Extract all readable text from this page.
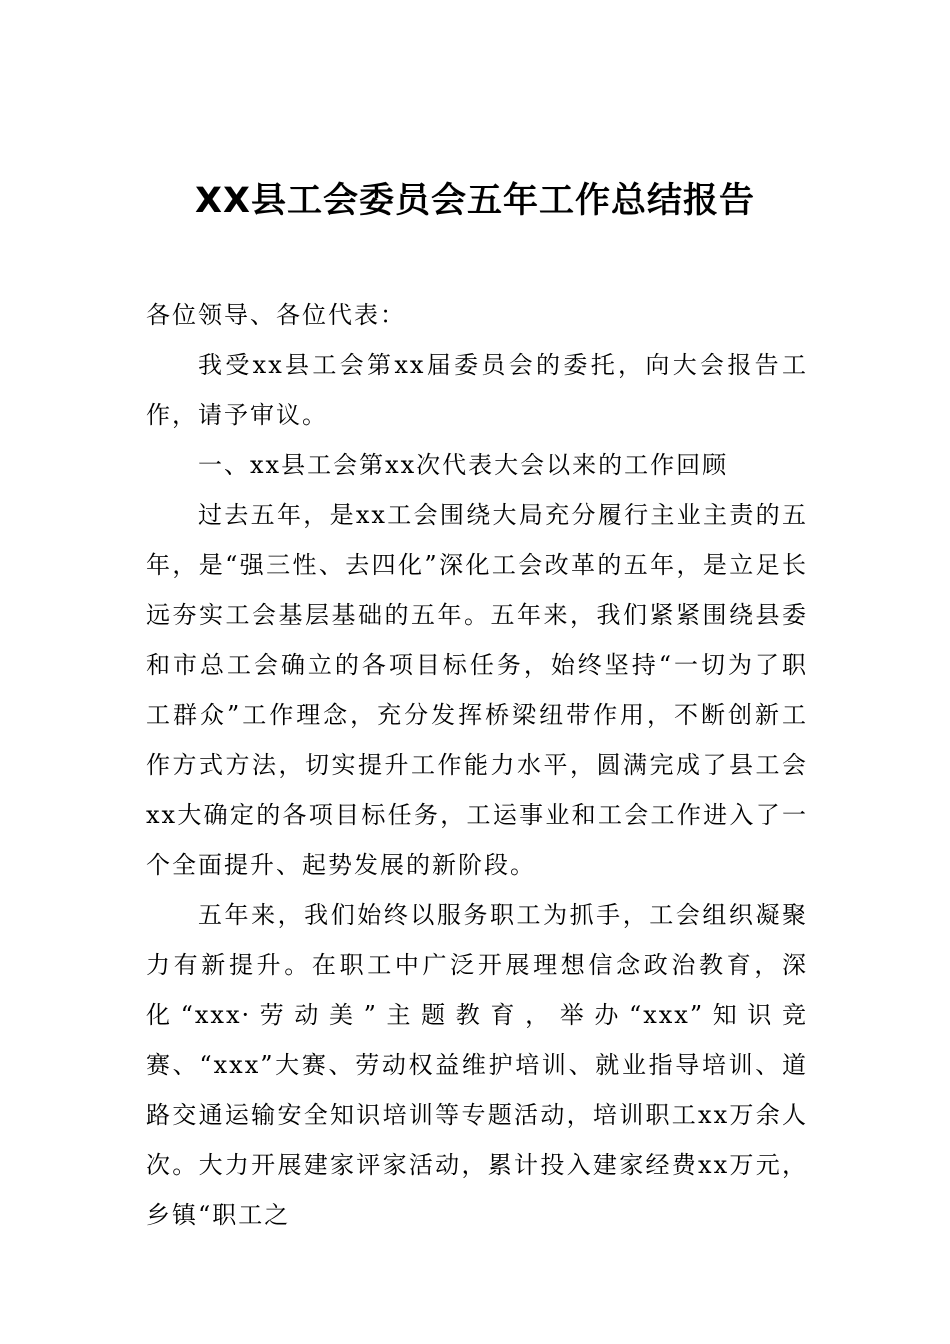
XX县工会委员会五年工作总结报告

各位领导、各位代表：

我受xx县工会第xx届委员会的委托，向大会报告工作，请予审议。

一、xx县工会第xx次代表大会以来的工作回顾

过去五年，是xx工会围绕大局充分履行主业主责的五年，是“强三性、去四化”深化工会改革的五年，是立足长远夯实工会基层基础的五年。五年来，我们紧紧围绕县委和市总工会确立的各项目标任务，始终坚持“一切为了职工群众”工作理念，充分发挥桥梁纽带作用，不断创新工作方式方法，切实提升工作能力水平，圆满完成了县工会xx大确定的各项目标任务，工运事业和工会工作进入了一个全面提升、起势发展的新阶段。

五年来，我们始终以服务职工为抓手，工会组织凝聚力有新提升。在职工中广泛开展理想信念政治教育，深化“xxx·劳动美”主题教育，举办“xxx”知识竞赛、“xxx”大赛、劳动权益维护培训、就业指导培训、道路交通运输安全知识培训等专题活动，培训职工xx万余人次。大力开展建家评家活动，累计投入建家经费xx万元，乡镇“职工之
